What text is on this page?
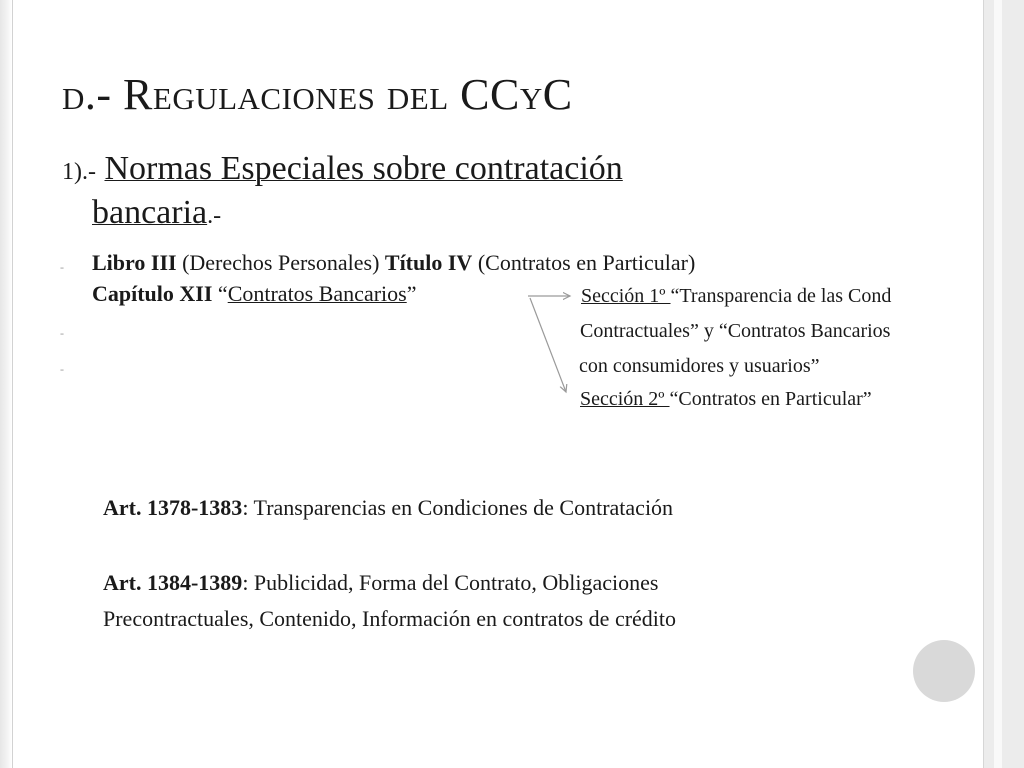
d.- Regulaciones del CCyC
1).- Normas Especiales sobre contratación
bancaria.-
-
-
-
Libro III (Derechos Personales) Título IV (Contratos en Particular)
Capítulo XII “Contratos Bancarios”	Sección 1º “Transparencia de las Cond
Contractuales” y “Contratos Bancarios
con consumidores y usuarios”
Sección 2º “Contratos en Particular”
Art. 1378-1383: Transparencias en Condiciones de Contratación
Art. 1384-1389: Publicidad, Forma del Contrato, Obligaciones
Precontractuales, Contenido, Información en contratos de crédito
